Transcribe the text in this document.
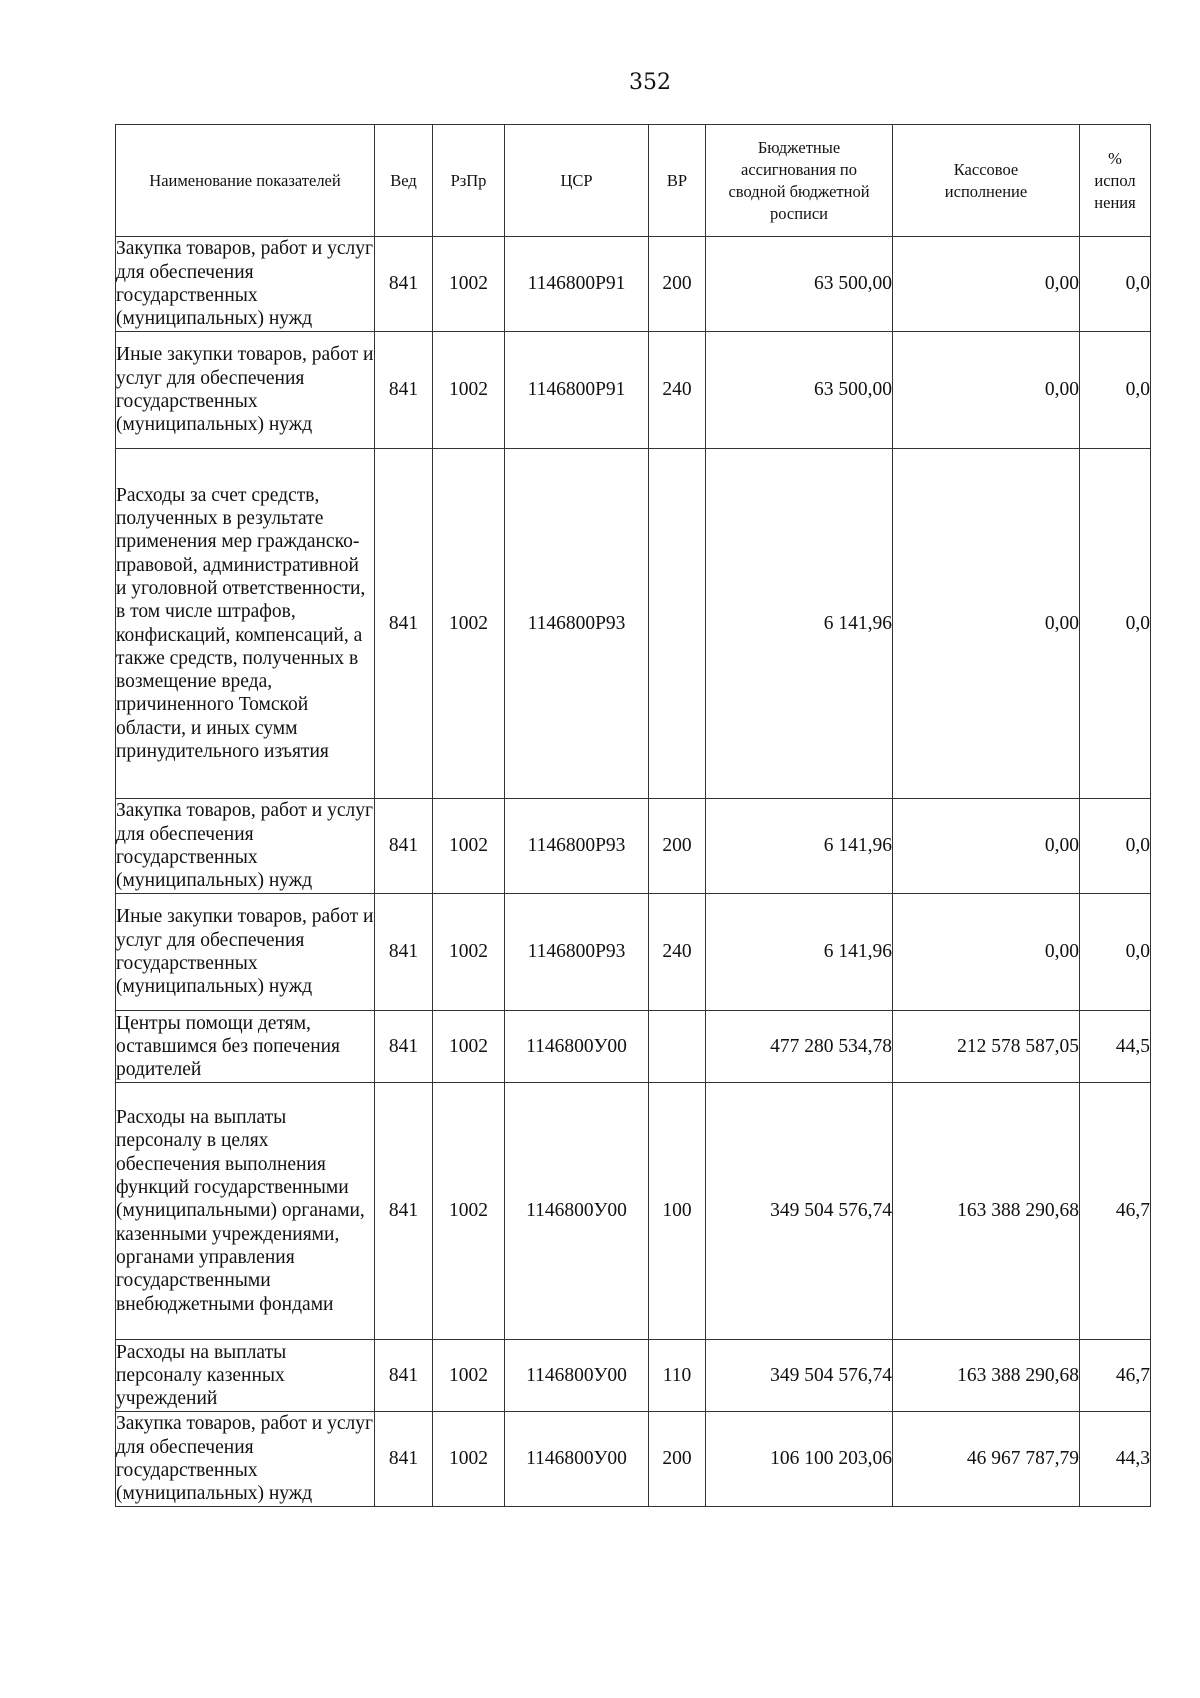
352
Наименование показателей	Вед	РзПр	ЦСР	ВР	Бюджетные ассигнования по сводной бюджетной росписи	Кассовое исполнение	% испол нения
Закупка товаров, работ и услуг для обеспечения государственных (муниципальных) нужд	841	1002	1146800Р91	200	63 500,00	0,00	0,0
Иные закупки товаров, работ и услуг для обеспечения государственных (муниципальных) нужд	841	1002	1146800Р91	240	63 500,00	0,00	0,0
Расходы за счет средств, полученных в результате применения мер гражданско-правовой, административной и уголовной ответственности, в том числе штрафов, конфискаций, компенсаций, а также средств, полученных в возмещение вреда, причиненного Томской области, и иных сумм принудительного изъятия	841	1002	1146800Р93		6 141,96	0,00	0,0
Закупка товаров, работ и услуг для обеспечения государственных (муниципальных) нужд	841	1002	1146800Р93	200	6 141,96	0,00	0,0
Иные закупки товаров, работ и услуг для обеспечения государственных (муниципальных) нужд	841	1002	1146800Р93	240	6 141,96	0,00	0,0
Центры помощи детям, оставшимся без попечения родителей	841	1002	1146800У00		477 280 534,78	212 578 587,05	44,5
Расходы на выплаты персоналу в целях обеспечения выполнения функций государственными (муниципальными) органами, казенными учреждениями, органами управления государственными внебюджетными фондами	841	1002	1146800У00	100	349 504 576,74	163 388 290,68	46,7
Расходы на выплаты персоналу казенных учреждений	841	1002	1146800У00	110	349 504 576,74	163 388 290,68	46,7
Закупка товаров, работ и услуг для обеспечения государственных (муниципальных) нужд	841	1002	1146800У00	200	106 100 203,06	46 967 787,79	44,3
